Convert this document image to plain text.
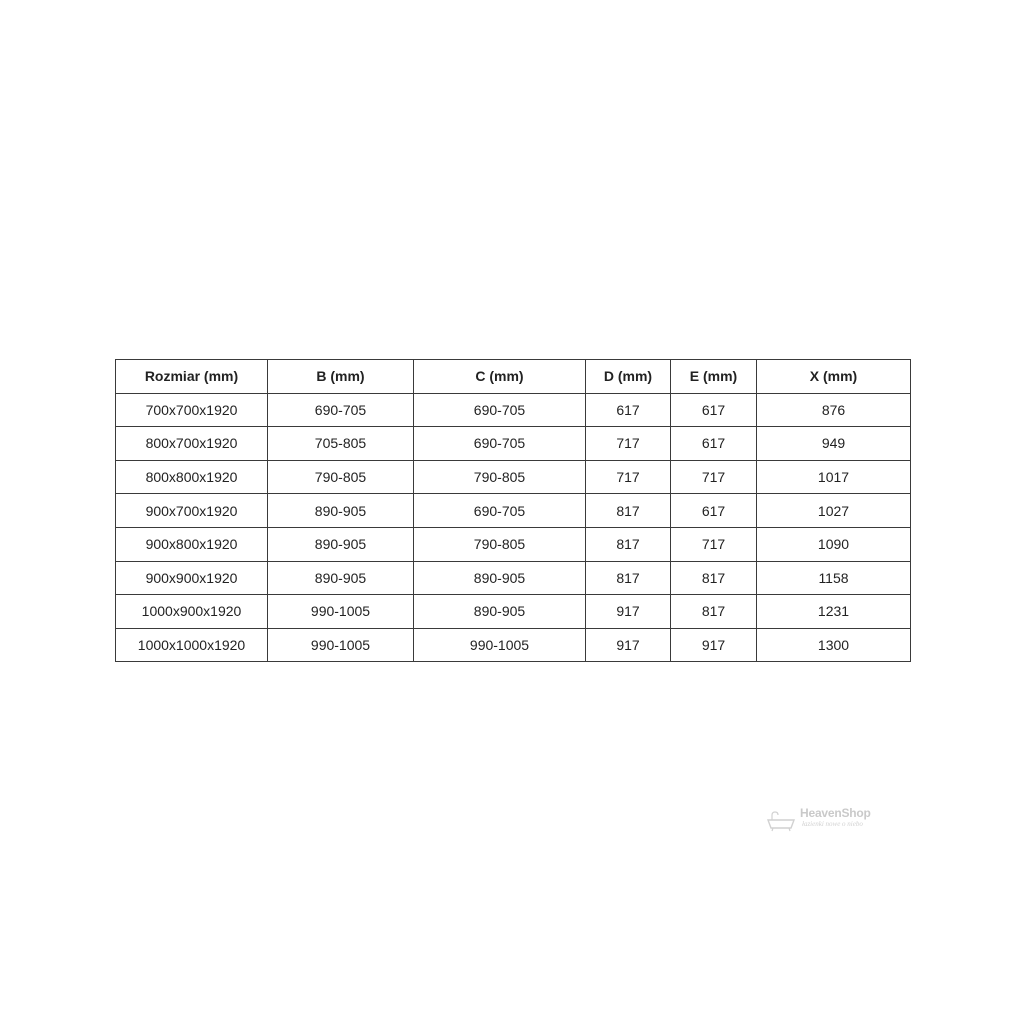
Rozmiar (mm)	B (mm)	C (mm)	D (mm)	E (mm)	X (mm)
700x700x1920	690-705	690-705	617	617	876
800x700x1920	705-805	690-705	717	617	949
800x800x1920	790-805	790-805	717	717	1017
900x700x1920	890-905	690-705	817	617	1027
900x800x1920	890-905	790-805	817	717	1090
900x900x1920	890-905	890-905	817	817	1158
1000x900x1920	990-1005	890-905	917	817	1231
1000x1000x1920	990-1005	990-1005	917	917	1300
HeavenShop
łazienki nowe o niebo
